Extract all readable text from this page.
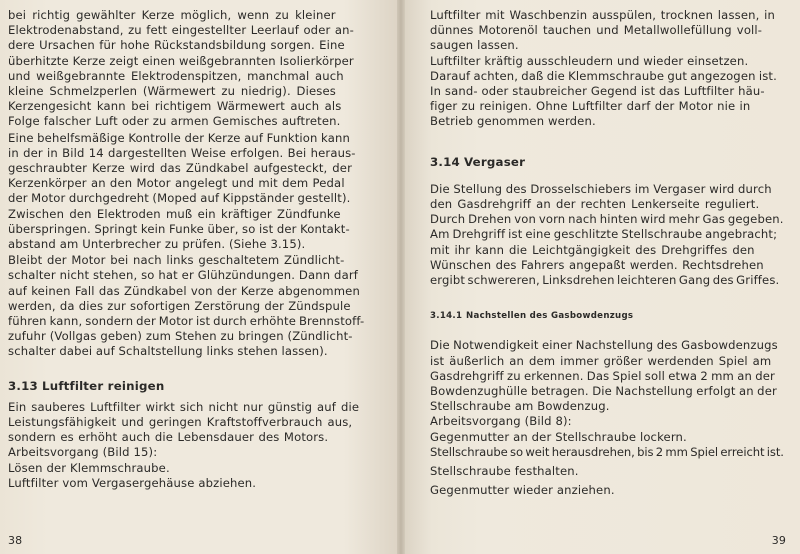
bei richtig gewählter Kerze möglich, wenn zu kleiner
Elektrodenabstand, zu fett eingestellter Leerlauf oder an-
dere Ursachen für hohe Rückstandsbildung sorgen. Eine
überhitzte Kerze zeigt einen weißgebrannten Isolierkörper
und weißgebrannte Elektrodenspitzen, manchmal auch
kleine Schmelzperlen (Wärmewert zu niedrig). Dieses
Kerzengesicht kann bei richtigem Wärmewert auch als
Folge falscher Luft oder zu armen Gemisches auftreten.
Eine behelfsmäßige Kontrolle der Kerze auf Funktion kann
in der in Bild 14 dargestellten Weise erfolgen. Bei heraus-
geschraubter Kerze wird das Zündkabel aufgesteckt, der
Kerzenkörper an den Motor angelegt und mit dem Pedal
der Motor durchgedreht (Moped auf Kippständer gestellt).
Zwischen den Elektroden muß ein kräftiger Zündfunke
überspringen. Springt kein Funke über, so ist der Kontakt-
abstand am Unterbrecher zu prüfen. (Siehe 3.15).
Bleibt der Motor bei nach links geschaltetem Zündlicht-
schalter nicht stehen, so hat er Glühzündungen. Dann darf
auf keinen Fall das Zündkabel von der Kerze abgenommen
werden, da dies zur sofortigen Zerstörung der Zündspule
führen kann, sondern der Motor ist durch erhöhte Brennstoff-
zufuhr (Vollgas geben) zum Stehen zu bringen (Zündlicht-
schalter dabei auf Schaltstellung links stehen lassen).

3.13 Luftfilter reinigen

Ein sauberes Luftfilter wirkt sich nicht nur günstig auf die
Leistungsfähigkeit und geringen Kraftstoffverbrauch aus,
sondern es erhöht auch die Lebensdauer des Motors.
Arbeitsvorgang (Bild 15):
Lösen der Klemmschraube.
Luftfilter vom Vergasergehäuse abziehen.
38
Luftfilter mit Waschbenzin ausspülen, trocknen lassen, in
dünnes Motorenöl tauchen und Metallwollefüllung voll-
saugen lassen.
Luftfilter kräftig ausschleudern und wieder einsetzen.
Darauf achten, daß die Klemmschraube gut angezogen ist.
In sand- oder staubreicher Gegend ist das Luftfilter häu-
figer zu reinigen. Ohne Luftfilter darf der Motor nie in
Betrieb genommen werden.

3.14 Vergaser

Die Stellung des Drosselschiebers im Vergaser wird durch
den Gasdrehgriff an der rechten Lenkerseite reguliert.
Durch Drehen von vorn nach hinten wird mehr Gas gegeben.
Am Drehgriff ist eine geschlitzte Stellschraube angebracht;
mit ihr kann die Leichtgängigkeit des Drehgriffes den
Wünschen des Fahrers angepaßt werden. Rechtsdrehen
ergibt schwereren, Linksdrehen leichteren Gang des Griffes.

3.14.1 Nachstellen des Gasbowdenzugs

Die Notwendigkeit einer Nachstellung des Gasbowdenzugs
ist äußerlich an dem immer größer werdenden Spiel am
Gasdrehgriff zu erkennen. Das Spiel soll etwa 2 mm an der
Bowdenzughülle betragen. Die Nachstellung erfolgt an der
Stellschraube am Bowdenzug.
Arbeitsvorgang (Bild 8):
Gegenmutter an der Stellschraube lockern.
Stellschraube so weit herausdrehen, bis 2 mm Spiel erreicht ist.
Stellschraube festhalten.
Gegenmutter wieder anziehen.
39
